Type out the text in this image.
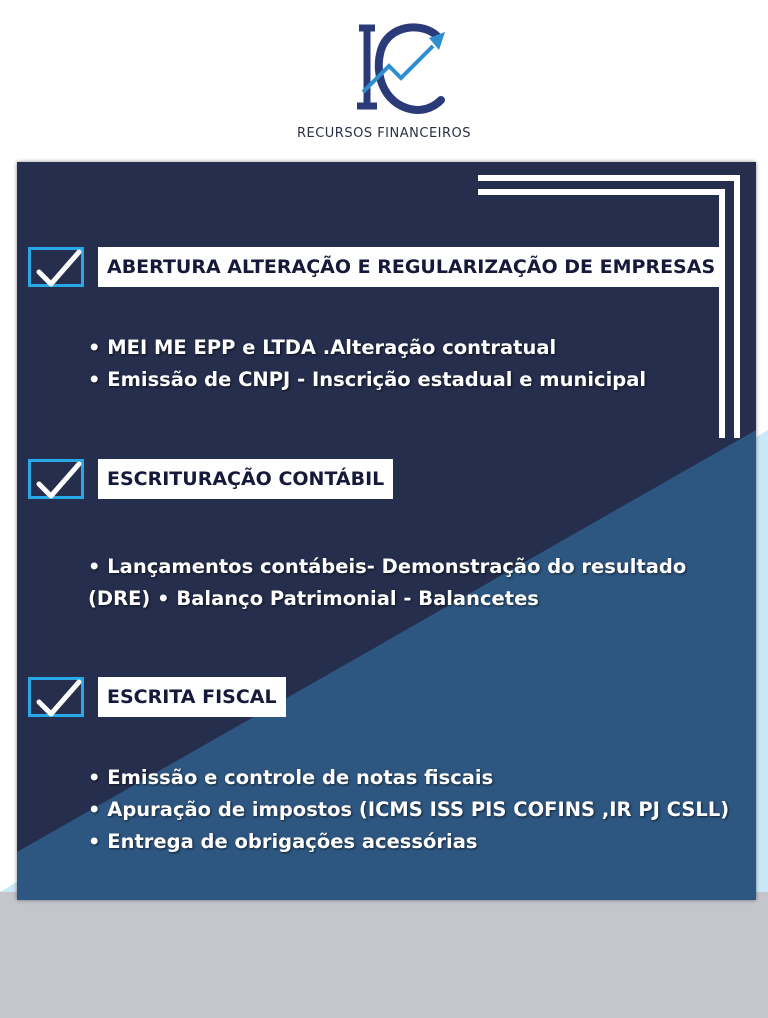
RECURSOS FINANCEIROS
ABERTURA ALTERAÇÃO E REGULARIZAÇÃO DE EMPRESAS
• MEI ME EPP e LTDA .Alteração contratual
• Emissão de CNPJ - Inscrição estadual e municipal
ESCRITURAÇÃO CONTÁBIL
• Lançamentos contábeis- Demonstração do resultado
(DRE) • Balanço Patrimonial - Balancetes
ESCRITA FISCAL
• Emissão e controle de notas fiscais
• Apuração de impostos (ICMS ISS PIS COFINS ,IR PJ CSLL)
• Entrega de obrigações acessórias
